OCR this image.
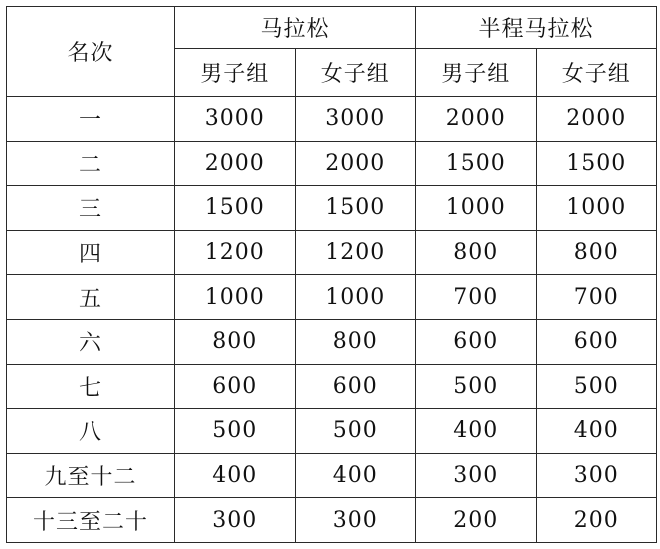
名次	马拉松		半程马拉松	
	男子组	女子组	男子组	女子组
一	3000	3000	2000	2000
二	2000	2000	1500	1500
三	1500	1500	1000	1000
四	1200	1200	800	800
五	1000	1000	700	700
六	800	800	600	600
七	600	600	500	500
八	500	500	400	400
九至十二	400	400	300	300
十三至二十	300	300	200	200
